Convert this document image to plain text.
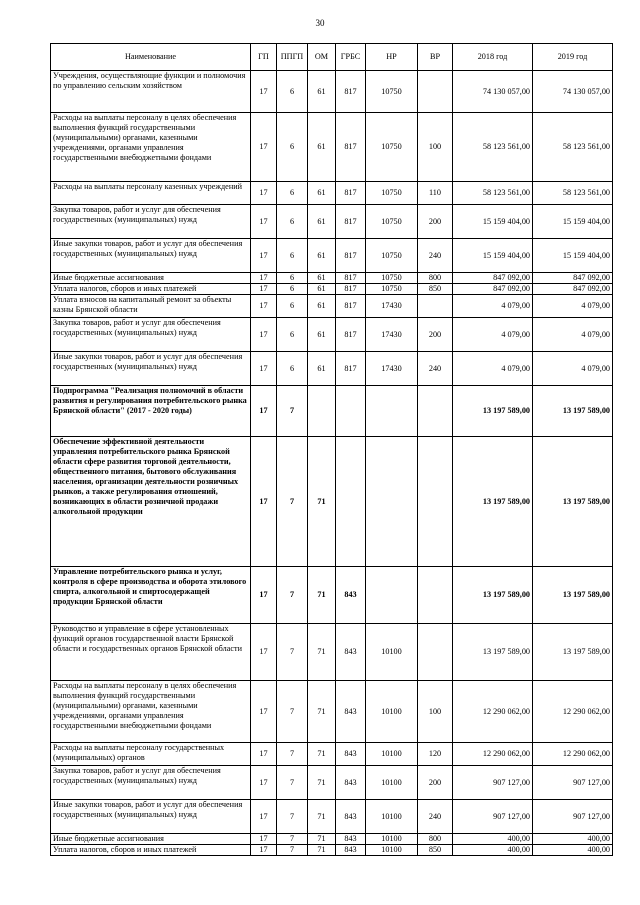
30
Наименование	ГП	ППГП	ОМ	ГРБС	НР	ВР	2018 год	2019 год
Учреждения, осуществляющие функции и полномочия по управлению сельским хозяйством	17	6	61	817	10750		74 130 057,00	74 130 057,00
Расходы на выплаты персоналу в целях обеспечения выполнения функций государственными (муниципальными) органами, казенными учреждениями, органами управления государственными внебюджетными фондами	17	6	61	817	10750	100	58 123 561,00	58 123 561,00
Расходы на выплаты персоналу казенных учреждений	17	6	61	817	10750	110	58 123 561,00	58 123 561,00
Закупка товаров, работ и услуг для обеспечения государственных (муниципальных) нужд	17	6	61	817	10750	200	15 159 404,00	15 159 404,00
Иные закупки товаров, работ и услуг для обеспечения государственных (муниципальных) нужд	17	6	61	817	10750	240	15 159 404,00	15 159 404,00
Иные бюджетные ассигнования	17	6	61	817	10750	800	847 092,00	847 092,00
Уплата налогов, сборов и иных платежей	17	6	61	817	10750	850	847 092,00	847 092,00
Уплата взносов на капитальный ремонт за объекты казны Брянской области	17	6	61	817	17430		4 079,00	4 079,00
Закупка товаров, работ и услуг для обеспечения государственных (муниципальных) нужд	17	6	61	817	17430	200	4 079,00	4 079,00
Иные закупки товаров, работ и услуг для обеспечения государственных (муниципальных) нужд	17	6	61	817	17430	240	4 079,00	4 079,00
Подпрограмма "Реализация полномочий в области развития и регулирования потребительского рынка Брянской области" (2017 - 2020 годы)	17	7					13 197 589,00	13 197 589,00
Обеспечение эффективной деятельности управления потребительского рынка Брянской области сфере развития торговой деятельности, общественного питания, бытового обслуживания населения, организации деятельности розничных рынков, а также регулирования отношений, возникающих в области розничной продажи алкогольной продукции	17	7	71				13 197 589,00	13 197 589,00
Управление потребительского рынка и услуг, контроля в сфере производства и оборота этилового спирта, алкогольной и спиртосодержащей продукции Брянской области	17	7	71	843			13 197 589,00	13 197 589,00
Руководство и управление в сфере установленных функций органов государственной власти Брянской области и государственных органов Брянской области	17	7	71	843	10100		13 197 589,00	13 197 589,00
Расходы на выплаты персоналу в целях обеспечения выполнения функций государственными (муниципальными) органами, казенными учреждениями, органами управления государственными внебюджетными фондами	17	7	71	843	10100	100	12 290 062,00	12 290 062,00
Расходы на выплаты персоналу государственных (муниципальных) органов	17	7	71	843	10100	120	12 290 062,00	12 290 062,00
Закупка товаров, работ и услуг для обеспечения государственных (муниципальных) нужд	17	7	71	843	10100	200	907 127,00	907 127,00
Иные закупки товаров, работ и услуг для обеспечения государственных (муниципальных) нужд	17	7	71	843	10100	240	907 127,00	907 127,00
Иные бюджетные ассигнования	17	7	71	843	10100	800	400,00	400,00
Уплата налогов, сборов и иных платежей	17	7	71	843	10100	850	400,00	400,00
